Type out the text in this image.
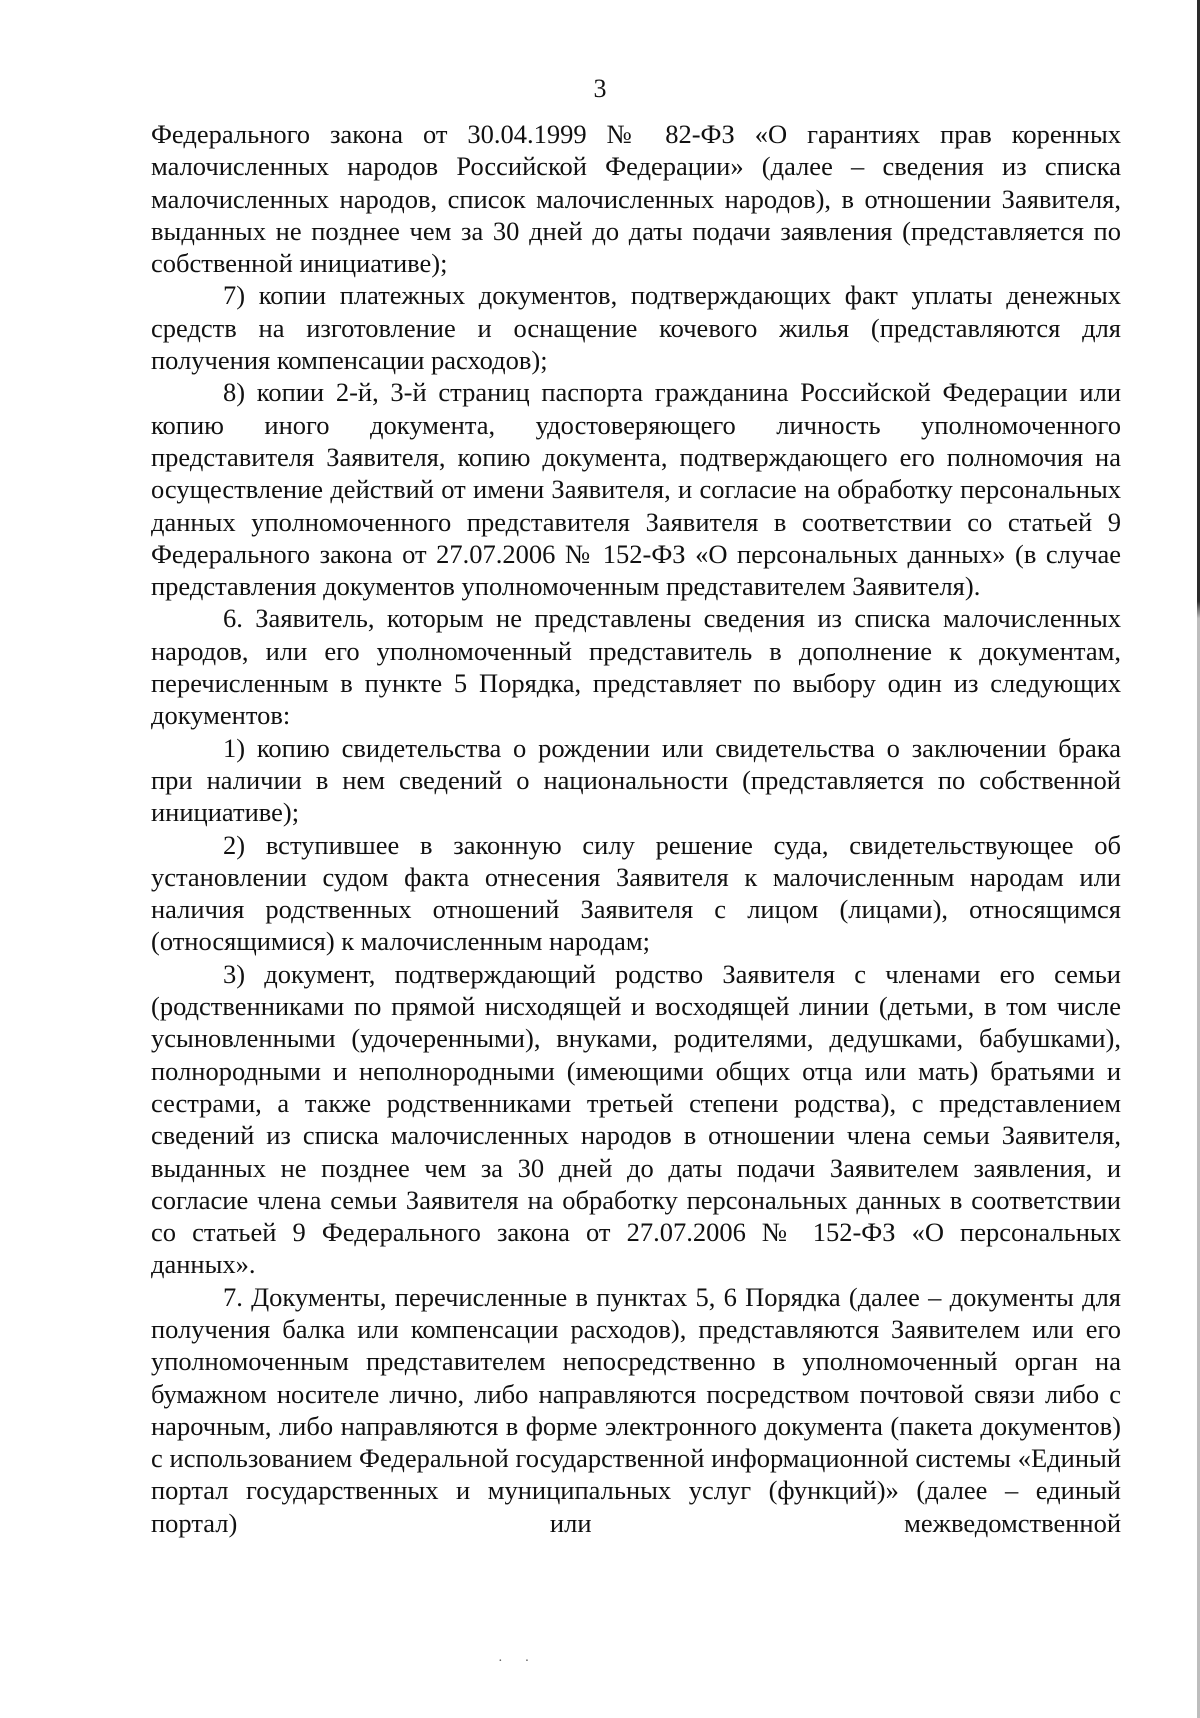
3

Федерального закона от 30.04.1999 № 82-ФЗ «О гарантиях прав коренных малочисленных народов Российской Федерации» (далее – сведения из списка малочисленных народов, список малочисленных народов), в отношении Заявителя, выданных не позднее чем за 30 дней до даты подачи заявления (представляется по собственной инициативе);

7) копии платежных документов, подтверждающих факт уплаты денежных средств на изготовление и оснащение кочевого жилья (представляются для получения компенсации расходов);

8) копии 2-й, 3-й страниц паспорта гражданина Российской Федерации или копию иного документа, удостоверяющего личность уполномоченного представителя Заявителя, копию документа, подтверждающего его полномочия на осуществление действий от имени Заявителя, и согласие на обработку персональных данных уполномоченного представителя Заявителя в соответствии со статьей 9 Федерального закона от 27.07.2006 № 152-ФЗ «О персональных данных» (в случае представления документов уполномоченным представителем Заявителя).

6. Заявитель, которым не представлены сведения из списка малочисленных народов, или его уполномоченный представитель в дополнение к документам, перечисленным в пункте 5 Порядка, представляет по выбору один из следующих документов:

1) копию свидетельства о рождении или свидетельства о заключении брака при наличии в нем сведений о национальности (представляется по собственной инициативе);

2) вступившее в законную силу решение суда, свидетельствующее об установлении судом факта отнесения Заявителя к малочисленным народам или наличия родственных отношений Заявителя с лицом (лицами), относящимся (относящимися) к малочисленным народам;

3) документ, подтверждающий родство Заявителя с членами его семьи (родственниками по прямой нисходящей и восходящей линии (детьми, в том числе усыновленными (удочеренными), внуками, родителями, дедушками, бабушками), полнородными и неполнородными (имеющими общих отца или мать) братьями и сестрами, а также родственниками третьей степени родства), с представлением сведений из списка малочисленных народов в отношении члена семьи Заявителя, выданных не позднее чем за 30 дней до даты подачи Заявителем заявления, и согласие члена семьи Заявителя на обработку персональных данных в соответствии со статьей 9 Федерального закона от 27.07.2006 № 152-ФЗ «О персональных данных».

7. Документы, перечисленные в пунктах 5, 6 Порядка (далее – документы для получения балка или компенсации расходов), представляются Заявителем или его уполномоченным представителем непосредственно в уполномоченный орган на бумажном носителе лично, либо направляются посредством почтовой связи либо с нарочным, либо направляются в форме электронного документа (пакета документов) с использованием Федеральной государственной информационной системы «Единый портал государственных и муниципальных услуг (функций)» (далее – единый портал) или межведомственной

··
